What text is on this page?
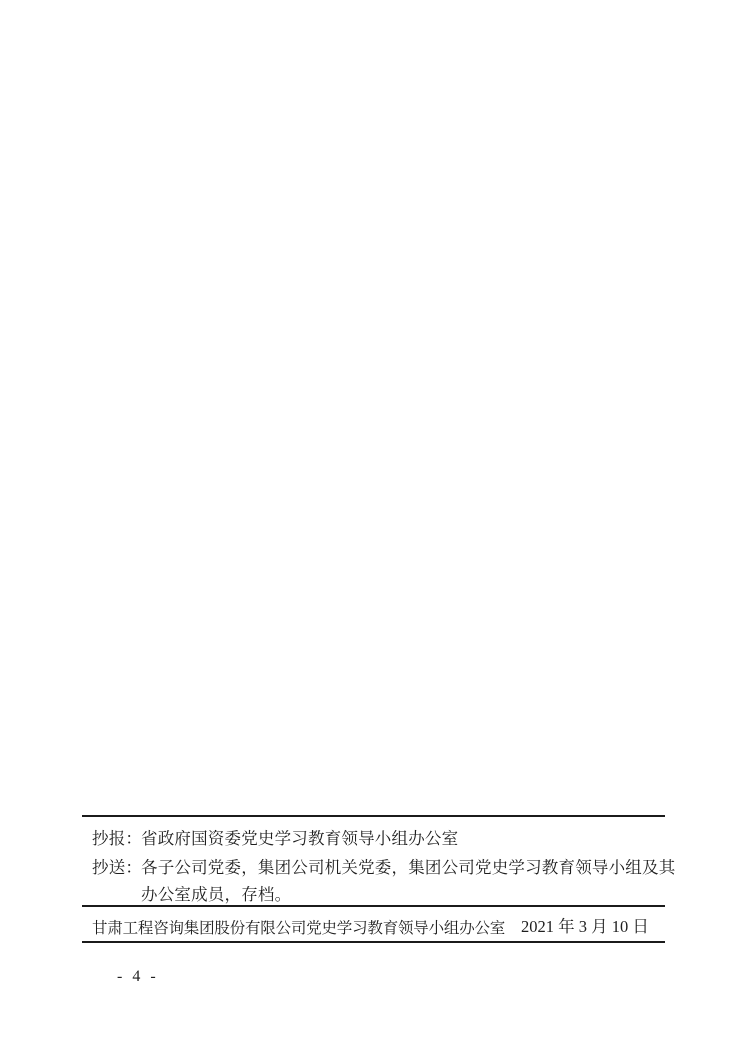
抄报：
省政府国资委党史学习教育领导小组办公室
抄送：
各子公司党委，集团公司机关党委，集团公司党史学习教育领导小组及其
办公室成员，存档。
甘肃工程咨询集团股份有限公司党史学习教育领导小组办公室 2021 年 3 月 10 日
- 4 -
